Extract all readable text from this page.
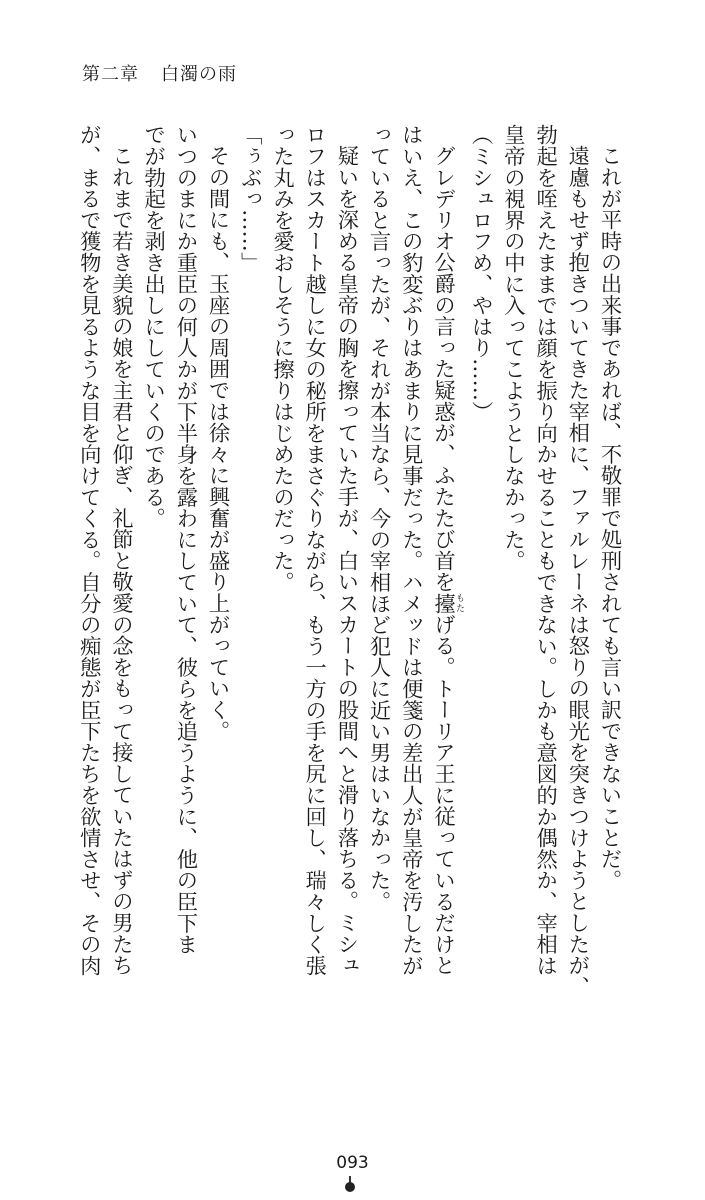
第二章 白濁の雨
これが平時の出来事であれば、不敬罪で処刑されても言い訳できないことだ。
遠慮もせず抱きついてきた宰相に、ファルレーネは怒りの眼光を突きつけようとしたが、
勃起を咥えたままでは顔を振り向かせることもできない。しかも意図的か偶然か、宰相は
皇帝の視界の中に入ってこようとしなかった。
（ミシュロフめ、やはり……）
グレデリオ公爵の言った疑惑が、ふたたび首を擡もたげる。トーリア王に従っているだけと
はいえ、この豹変ぶりはあまりに見事だった。ハメッドは便箋の差出人が皇帝を汚したが
っていると言ったが、それが本当なら、今の宰相ほど犯人に近い男はいなかった。
疑いを深める皇帝の胸を擦っていた手が、白いスカートの股間へと滑り落ちる。ミシュ
ロフはスカート越しに女の秘所をまさぐりながら、もう一方の手を尻に回し、瑞々しく張
った丸みを愛おしそうに擦りはじめたのだった。
「ぅぶっ……」
その間にも、玉座の周囲では徐々に興奮が盛り上がっていく。
いつのまにか重臣の何人かが下半身を露わにしていて、彼らを追うように、他の臣下ま
でが勃起を剥き出しにしていくのである。
これまで若き美貌の娘を主君と仰ぎ、礼節と敬愛の念をもって接していたはずの男たち
が、まるで獲物を見るような目を向けてくる。自分の痴態が臣下たちを欲情させ、その肉
093
